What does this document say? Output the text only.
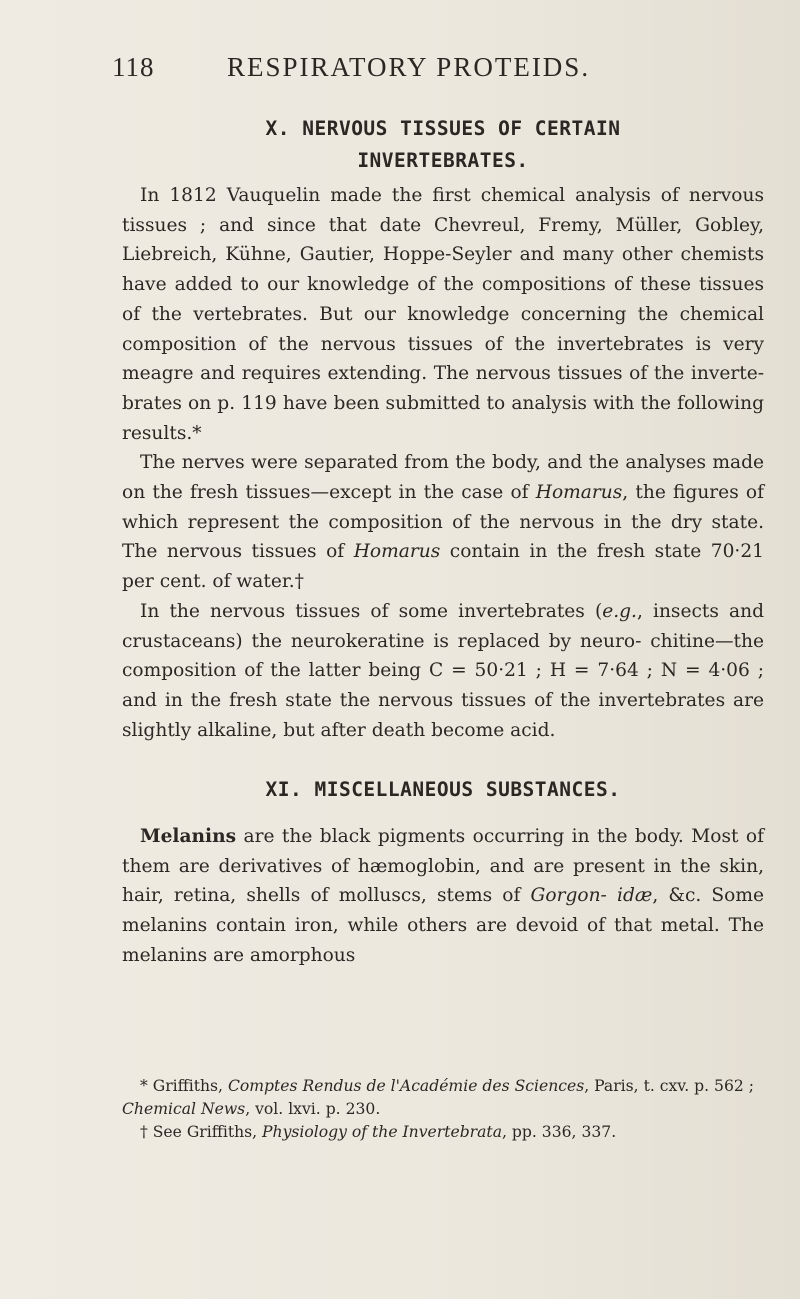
118	RESPIRATORY PROTEIDS.
X. NERVOUS TISSUES OF CERTAIN
INVERTEBRATES.

In 1812 Vauquelin made the first chemical analysis of nervous tissues ; and since that date Chevreul, Fremy, Müller, Gobley, Liebreich, Kühne, Gautier, Hoppe-Seyler and many other chemists have added to our knowledge of the compositions of these tissues of the vertebrates. But our knowledge concerning the chemical composition of the nervous tissues of the invertebrates is very meagre and requires extending. The nervous tissues of the inverte- brates on p. 119 have been submitted to analysis with the following results.*

The nerves were separated from the body, and the analyses made on the fresh tissues—except in the case of Homarus, the figures of which represent the composition of the nervous in the dry state. The nervous tissues of Homarus contain in the fresh state 70·21 per cent. of water.†

In the nervous tissues of some invertebrates (e.g., insects and crustaceans) the neurokeratine is replaced by neuro- chitine—the composition of the latter being C = 50·21 ; H = 7·64 ; N = 4·06 ; and in the fresh state the nervous tissues of the invertebrates are slightly alkaline, but after death become acid.

XI. MISCELLANEOUS SUBSTANCES.

Melanins are the black pigments occurring in the body. Most of them are derivatives of hæmoglobin, and are present in the skin, hair, retina, shells of molluscs, stems of Gorgon- idæ, &c. Some melanins contain iron, while others are devoid of that metal. The melanins are amorphous

* Griffiths, Comptes Rendus de l'Académie des Sciences, Paris, t. cxv. p. 562 ; Chemical News, vol. lxvi. p. 230.

† See Griffiths, Physiology of the Invertebrata, pp. 336, 337.
